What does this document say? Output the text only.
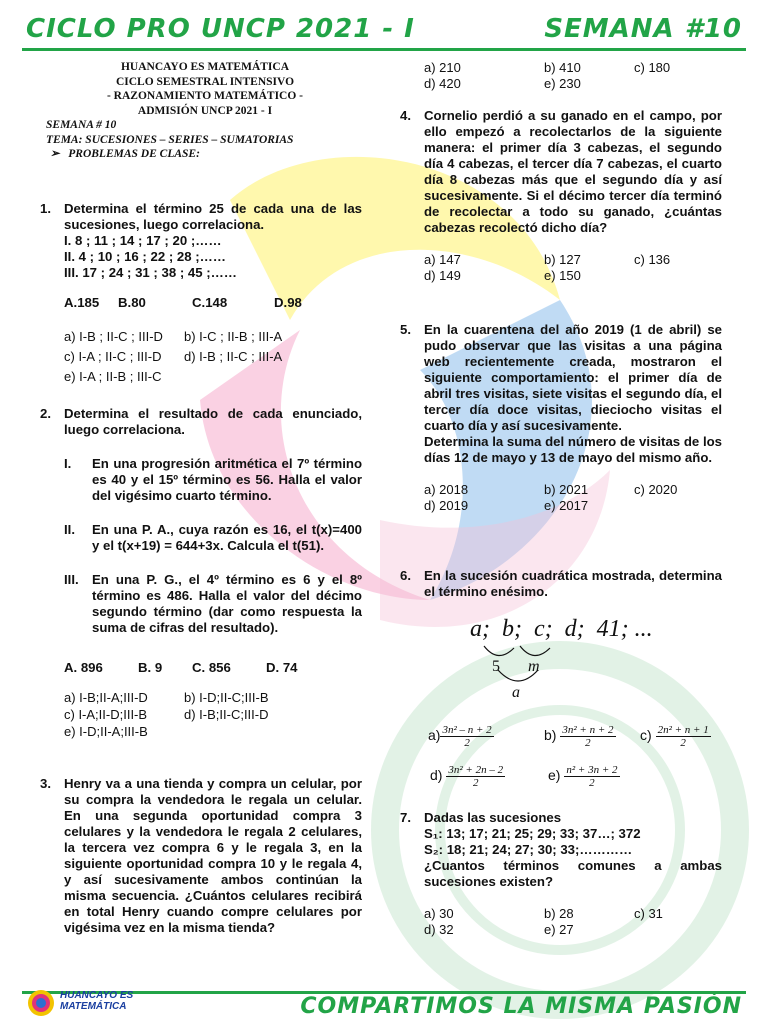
CICLO PRO UNCP 2021 - I	SEMANA #10
HUANCAYO ES MATEMÁTICA
CICLO SEMESTRAL INTENSIVO
- RAZONAMIENTO MATEMÁTICO -
ADMISIÓN UNCP 2021 - I
SEMANA # 10
TEMA: SUCESIONES – SERIES – SUMATORIAS
➢ PROBLEMAS DE CLASE:
1. Determina el término 25 de cada una de las sucesiones, luego correlaciona.
I. 8 ; 11 ; 14 ; 17 ; 20 ;……
II. 4 ; 10 ; 16 ; 22 ; 28 ;……
III. 17 ; 24 ; 31 ; 38 ; 45 ;……
A.185 B.80	C.148	D.98
a) I-B ; II-C ; III-D b) I-C ; II-B ; III-A
c) I-A ; II-C ; III-D d) I-B ; II-C ; III-A
e) I-A ; II-B ; III-C
2. Determina el resultado de cada enunciado, luego correlaciona.
I. En una progresión aritmética el 7º término es 40 y el 15º término es 56. Halla el valor del vigésimo cuarto término.
II. En una P. A., cuya razón es 16, el t(x)=400 y el t(x+19) = 644+3x. Calcula el t(51).
III. En una P. G., el 4º término es 6 y el 8º término es 486. Halla el valor del décimo segundo término (dar como respuesta la suma de cifras del resultado).
A. 896	B. 9 C. 856	D. 74
a) I-B;II-A;III-D	b) I-D;II-C;III-B
c) I-A;II-D;III-B	d) I-B;II-C;III-D
e) I-D;II-A;III-B
3. Henry va a una tienda y compra un celular, por su compra la vendedora le regala un celular. En una segunda oportunidad compra 3 celulares y la vendedora le regala 2 celulares, la tercera vez compra 6 y le regala 3, en la siguiente oportunidad compra 10 y le regala 4, y así sucesivamente ambos continúan la misma secuencia. ¿Cuántos celulares recibirá en total Henry cuando compre celulares por vigésima vez en la misma tienda?
a) 210	b) 410	c) 180
d) 420	e) 230
4. Cornelio perdió a su ganado en el campo, por ello empezó a recolectarlos de la siguiente manera: el primer día 3 cabezas, el segundo día 4 cabezas, el tercer día 7 cabezas, el cuarto día 8 cabezas más que el segundo día y así sucesivamente. Si el décimo tercer día terminó de recolectar a todo su ganado, ¿cuántas cabezas recolectó dicho día?
a) 147	b) 127	c) 136
d) 149	e) 150
5. En la cuarentena del año 2019 (1 de abril) se pudo observar que las visitas a una página web recientemente creada, mostraron el siguiente comportamiento: el primer día de abril tres visitas, siete visitas el segundo día, el tercer día doce visitas, dieciocho visitas el cuarto día y así sucesivamente.
Determina la suma del número de visitas de los días 12 de mayo y 13 de mayo del mismo año.
a) 2018	b) 2021	c) 2020
d) 2019	e) 2017
6. En la sucesión cuadrática mostrada, determina el término enésimo.
a;  b;  c;  d;  41; ...
5 m
a
$a) \frac{\text{3n² – n + 2}}{2}$	$b) \frac{\text{3n² + n + 2}}{2} c) \frac{\text{2n² + n + 1}}{2}$
$d) \frac{\text{3n² + 2n – 2}}{2}$	$e) \frac{\text{n² + 3n + 2}}{2}$
7. Dadas las sucesiones
S₁: 13; 17; 21; 25; 29; 33; 37…; 372
S₂: 18; 21; 24; 27; 30; 33;…………
¿Cuantos términos comunes a ambas sucesiones existen?
a) 30	b) 28	c) 31
d) 32	e) 27
HUANCAYO ES
MATEMÁTICA	COMPARTIMOS LA MISMA PASIÓN
